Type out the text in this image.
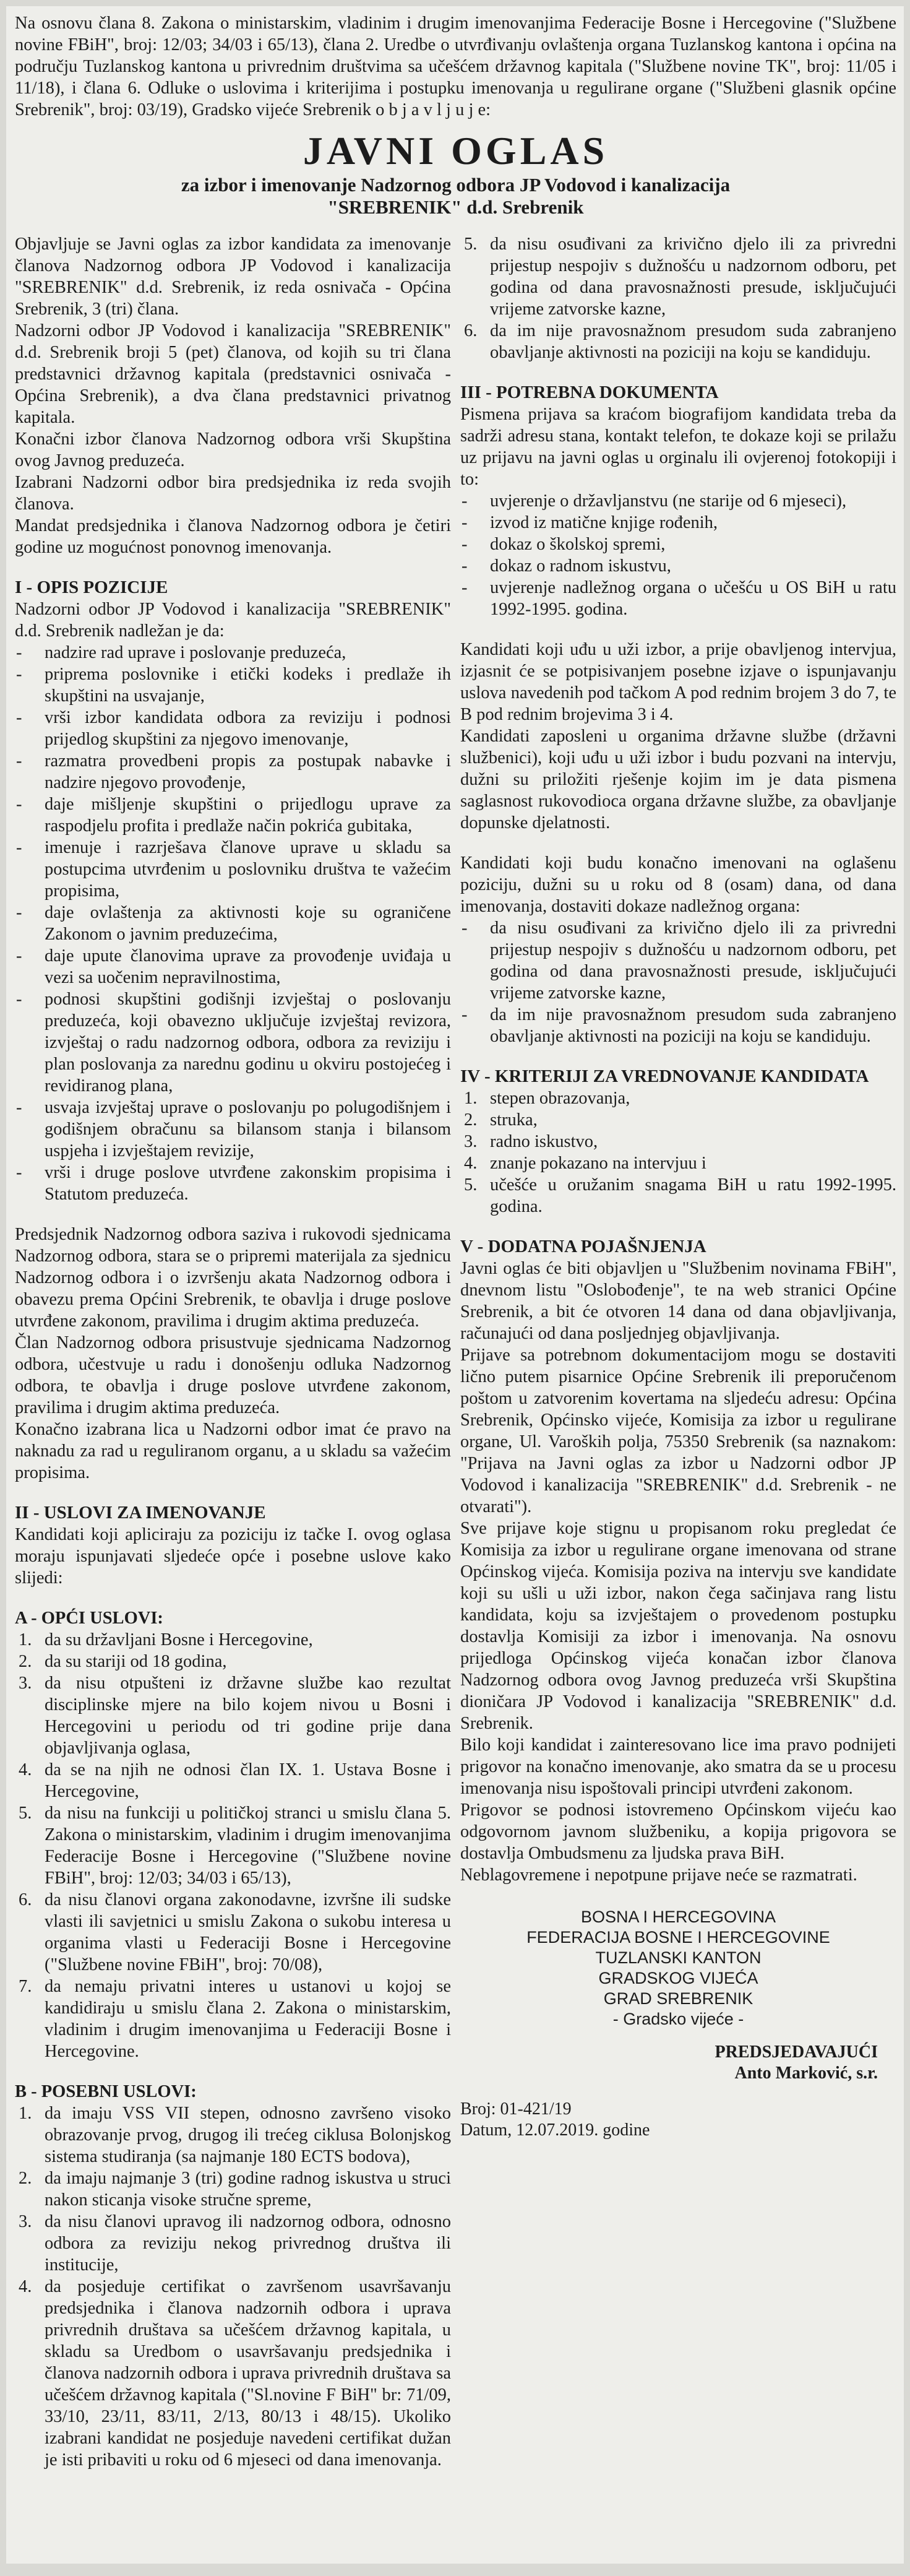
Na osnovu člana 8. Zakona o ministarskim, vladinim i drugim imenovanjima Federacije Bosne i Hercegovine ("Službene novine FBiH", broj: 12/03; 34/03 i 65/13), člana 2. Uredbe o utvrđivanju ovlaštenja organa Tuzlanskog kantona i općina na području Tuzlanskog kantona u privrednim društvima sa učešćem državnog kapitala ("Službene novine TK", broj: 11/05 i 11/18), i člana 6. Odluke o uslovima i kriterijima i postupku imenovanja u regulirane organe ("Službeni glasnik općine Srebrenik", broj: 03/19), Gradsko vijeće Srebrenik o b j a v l j u j e:

JAVNI OGLAS
za izbor i imenovanje Nadzornog odbora JP Vodovod i kanalizacija
"SREBRENIK" d.d. Srebrenik

Objavljuje se Javni oglas za izbor kandidata za imenovanje članova Nadzornog odbora JP Vodovod i kanalizacija "SREBRENIK" d.d. Srebrenik, iz reda osnivača - Općina Srebrenik, 3 (tri) člana.

Nadzorni odbor JP Vodovod i kanalizacija "SREBRENIK" d.d. Srebrenik broji 5 (pet) članova, od kojih su tri člana predstavnici državnog kapitala (predstavnici osnivača - Općina Srebrenik), a dva člana predstavnici privatnog kapitala.

Konačni izbor članova Nadzornog odbora vrši Skupština ovog Javnog preduzeća.

Izabrani Nadzorni odbor bira predsjednika iz reda svojih članova.

Mandat predsjednika i članova Nadzornog odbora je četiri godine uz mogućnost ponovnog imenovanja.

I - OPIS POZICIJE

Nadzorni odbor JP Vodovod i kanalizacija "SREBRENIK" d.d. Srebrenik nadležan je da:

- nadzire rad uprave i poslovanje preduzeća,
- priprema poslovnike i etički kodeks i predlaže ih skupštini na usvajanje,
- vrši izbor kandidata odbora za reviziju i podnosi prijedlog skupštini za njegovo imenovanje,
- razmatra provedbeni propis za postupak nabavke i nadzire njegovo provođenje,
- daje mišljenje skupštini o prijedlogu uprave za raspodjelu profita i predlaže način pokrića gubitaka,
- imenuje i razrješava članove uprave u skladu sa postupcima utvrđenim u poslovniku društva te važećim propisima,
- daje ovlaštenja za aktivnosti koje su ograničene Zakonom o javnim preduzećima,
- daje upute članovima uprave za provođenje uviđaja u vezi sa uočenim nepravilnostima,
- podnosi skupštini godišnji izvještaj o poslovanju preduzeća, koji obavezno uključuje izvještaj revizora, izvještaj o radu nadzornog odbora, odbora za reviziju i plan poslovanja za narednu godinu u okviru postojećeg i revidiranog plana,
- usvaja izvještaj uprave o poslovanju po polugodišnjem i godišnjem obračunu sa bilansom stanja i bilansom uspjeha i izvještajem revizije,
- vrši i druge poslove utvrđene zakonskim propisima i Statutom preduzeća.

Predsjednik Nadzornog odbora saziva i rukovodi sjednicama Nadzornog odbora, stara se o pripremi materijala za sjednicu Nadzornog odbora i o izvršenju akata Nadzornog odbora i obavezu prema Općini Srebrenik, te obavlja i druge poslove utvrđene zakonom, pravilima i drugim aktima preduzeća.

Član Nadzornog odbora prisustvuje sjednicama Nadzornog odbora, učestvuje u radu i donošenju odluka Nadzornog odbora, te obavlja i druge poslove utvrđene zakonom, pravilima i drugim aktima preduzeća.

Konačno izabrana lica u Nadzorni odbor imat će pravo na naknadu za rad u reguliranom organu, a u skladu sa važećim propisima.

II - USLOVI ZA IMENOVANJE

Kandidati koji apliciraju za poziciju iz tačke I. ovog oglasa moraju ispunjavati sljedeće opće i posebne uslove kako slijedi:

A - OPĆI USLOVI:

1. da su državljani Bosne i Hercegovine,
2. da su stariji od 18 godina,
3. da nisu otpušteni iz državne službe kao rezultat disciplinske mjere na bilo kojem nivou u Bosni i Hercegovini u periodu od tri godine prije dana objavljivanja oglasa,
4. da se na njih ne odnosi član IX. 1. Ustava Bosne i Hercegovine,
5. da nisu na funkciji u političkoj stranci u smislu člana 5. Zakona o ministarskim, vladinim i drugim imenovanjima Federacije Bosne i Hercegovine ("Službene novine FBiH", broj: 12/03; 34/03 i 65/13),
6. da nisu članovi organa zakonodavne, izvršne ili sudske vlasti ili savjetnici u smislu Zakona o sukobu interesa u organima vlasti u Federaciji Bosne i Hercegovine ("Službene novine FBiH", broj: 70/08),
7. da nemaju privatni interes u ustanovi u kojoj se kandidiraju u smislu člana 2. Zakona o ministarskim, vladinim i drugim imenovanjima u Federaciji Bosne i Hercegovine.

B - POSEBNI USLOVI:

1. da imaju VSS VII stepen, odnosno završeno visoko obrazovanje prvog, drugog ili trećeg ciklusa Bolonjskog sistema studiranja (sa najmanje 180 ECTS bodova),
2. da imaju najmanje 3 (tri) godine radnog iskustva u struci nakon sticanja visoke stručne spreme,
3. da nisu članovi upravog ili nadzornog odbora, odnosno odbora za reviziju nekog privrednog društva ili institucije,
4. da posjeduje certifikat o završenom usavršavanju predsjednika i članova nadzornih odbora i uprava privrednih društava sa učešćem državnog kapitala, u skladu sa Uredbom o usavršavanju predsjednika i članova nadzornih odbora i uprava privrednih društava sa učešćem državnog kapitala ("Sl.novine F BiH" br: 71/09, 33/10, 23/11, 83/11, 2/13, 80/13 i 48/15). Ukoliko izabrani kandidat ne posjeduje navedeni certifikat dužan je isti pribaviti u roku od 6 mjeseci od dana imenovanja.
5. da nisu osuđivani za krivično djelo ili za privredni prijestup nespojiv s dužnošću u nadzornom odboru, pet godina od dana pravosnažnosti presude, isključujući vrijeme zatvorske kazne,
6. da im nije pravosnažnom presudom suda zabranjeno obavljanje aktivnosti na poziciji na koju se kandiduju.

III - POTREBNA DOKUMENTA

Pismena prijava sa kraćom biografijom kandidata treba da sadrži adresu stana, kontakt telefon, te dokaze koji se prilažu uz prijavu na javni oglas u orginalu ili ovjerenoj fotokopiji i to:

- uvjerenje o državljanstvu (ne starije od 6 mjeseci),
- izvod iz matične knjige rođenih,
- dokaz o školskoj spremi,
- dokaz o radnom iskustvu,
- uvjerenje nadležnog organa o učešću u OS BiH u ratu 1992-1995. godina.

Kandidati koji uđu u uži izbor, a prije obavljenog intervjua, izjasnit će se potpisivanjem posebne izjave o ispunjavanju uslova navedenih pod tačkom A pod rednim brojem 3 do 7, te B pod rednim brojevima 3 i 4.

Kandidati zaposleni u organima državne službe (državni službenici), koji uđu u uži izbor i budu pozvani na intervju, dužni su priložiti rješenje kojim im je data pismena saglasnost rukovodioca organa državne službe, za obavljanje dopunske djelatnosti.

Kandidati koji budu konačno imenovani na oglašenu poziciju, dužni su u roku od 8 (osam) dana, od dana imenovanja, dostaviti dokaze nadležnog organa:

- da nisu osuđivani za krivično djelo ili za privredni prijestup nespojiv s dužnošću u nadzornom odboru, pet godina od dana pravosnažnosti presude, isključujući vrijeme zatvorske kazne,
- da im nije pravosnažnom presudom suda zabranjeno obavljanje aktivnosti na poziciji na koju se kandiduju.

IV - KRITERIJI ZA VREDNOVANJE KANDIDATA

1. stepen obrazovanja,
2. struka,
3. radno iskustvo,
4. znanje pokazano na intervjuu i
5. učešće u oružanim snagama BiH u ratu 1992-1995. godina.

V - DODATNA POJAŠNJENJA

Javni oglas će biti objavljen u "Službenim novinama FBiH", dnevnom listu "Oslobođenje", te na web stranici Općine Srebrenik, a bit će otvoren 14 dana od dana objavljivanja, računajući od dana posljednjeg objavljivanja.

Prijave sa potrebnom dokumentacijom mogu se dostaviti lično putem pisarnice Općine Srebrenik ili preporučenom poštom u zatvorenim kovertama na sljedeću adresu: Općina Srebrenik, Općinsko vijeće, Komisija za izbor u regulirane organe, Ul. Varoških polja, 75350 Srebrenik (sa naznakom: "Prijava na Javni oglas za izbor u Nadzorni odbor JP Vodovod i kanalizacija "SREBRENIK" d.d. Srebrenik - ne otvarati").

Sve prijave koje stignu u propisanom roku pregledat će Komisija za izbor u regulirane organe imenovana od strane Općinskog vijeća. Komisija poziva na intervju sve kandidate koji su ušli u uži izbor, nakon čega sačinjava rang listu kandidata, koju sa izvještajem o provedenom postupku dostavlja Komisiji za izbor i imenovanja. Na osnovu prijedloga Općinskog vijeća konačan izbor članova Nadzornog odbora ovog Javnog preduzeća vrši Skupština dioničara JP Vodovod i kanalizacija "SREBRENIK" d.d. Srebrenik.

Bilo koji kandidat i zainteresovano lice ima pravo podnijeti prigovor na konačno imenovanje, ako smatra da se u procesu imenovanja nisu ispoštovali principi utvrđeni zakonom.

Prigovor se podnosi istovremeno Općinskom vijeću kao odgovornom javnom službeniku, a kopija prigovora se dostavlja Ombudsmenu za ljudska prava BiH.

Neblagovremene i nepotpune prijave neće se razmatrati.

BOSNA I HERCEGOVINA
FEDERACIJA BOSNE I HERCEGOVINE
TUZLANSKI KANTON
GRADSKOG VIJEĆA
GRAD SREBRENIK
- Gradsko vijeće -
PREDSJEDAVAJUĆI
Anto Marković, s.r.
Broj: 01-421/19
Datum, 12.07.2019. godine
